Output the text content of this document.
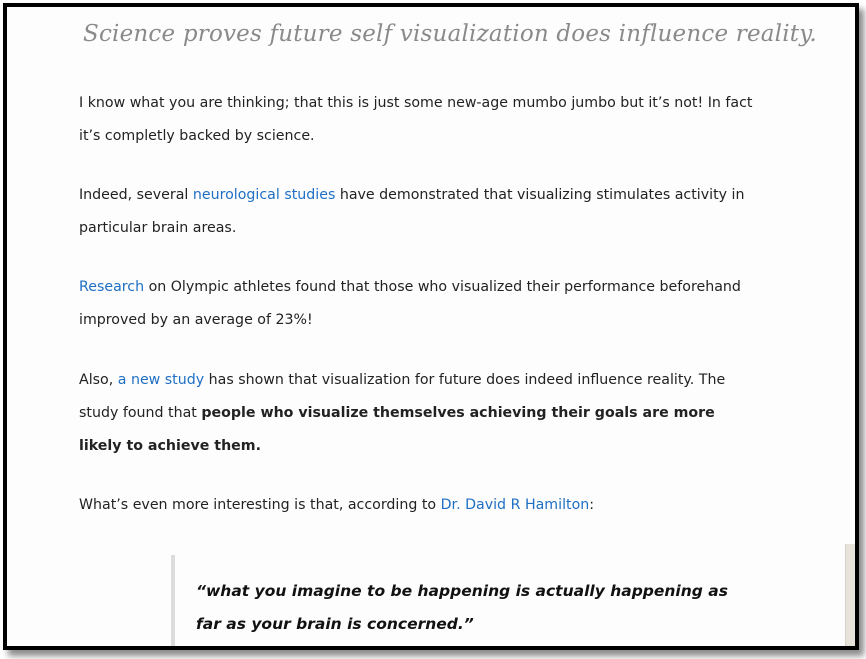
Science proves future self visualization does influence reality.

I know what you are thinking; that this is just some new-age mumbo jumbo but it’s not! In fact it’s completly backed by science.

Indeed, several neurological studies have demonstrated that visualizing stimulates activity in particular brain areas.

Research on Olympic athletes found that those who visualized their performance beforehand improved by an average of 23%!

Also, a new study has shown that visualization for future does indeed influence reality. The study found that people who visualize themselves achieving their goals are more likely to achieve them.

What’s even more interesting is that, according to Dr. David R Hamilton:

“what you imagine to be happening is actually happening as far as your brain is concerned.”
